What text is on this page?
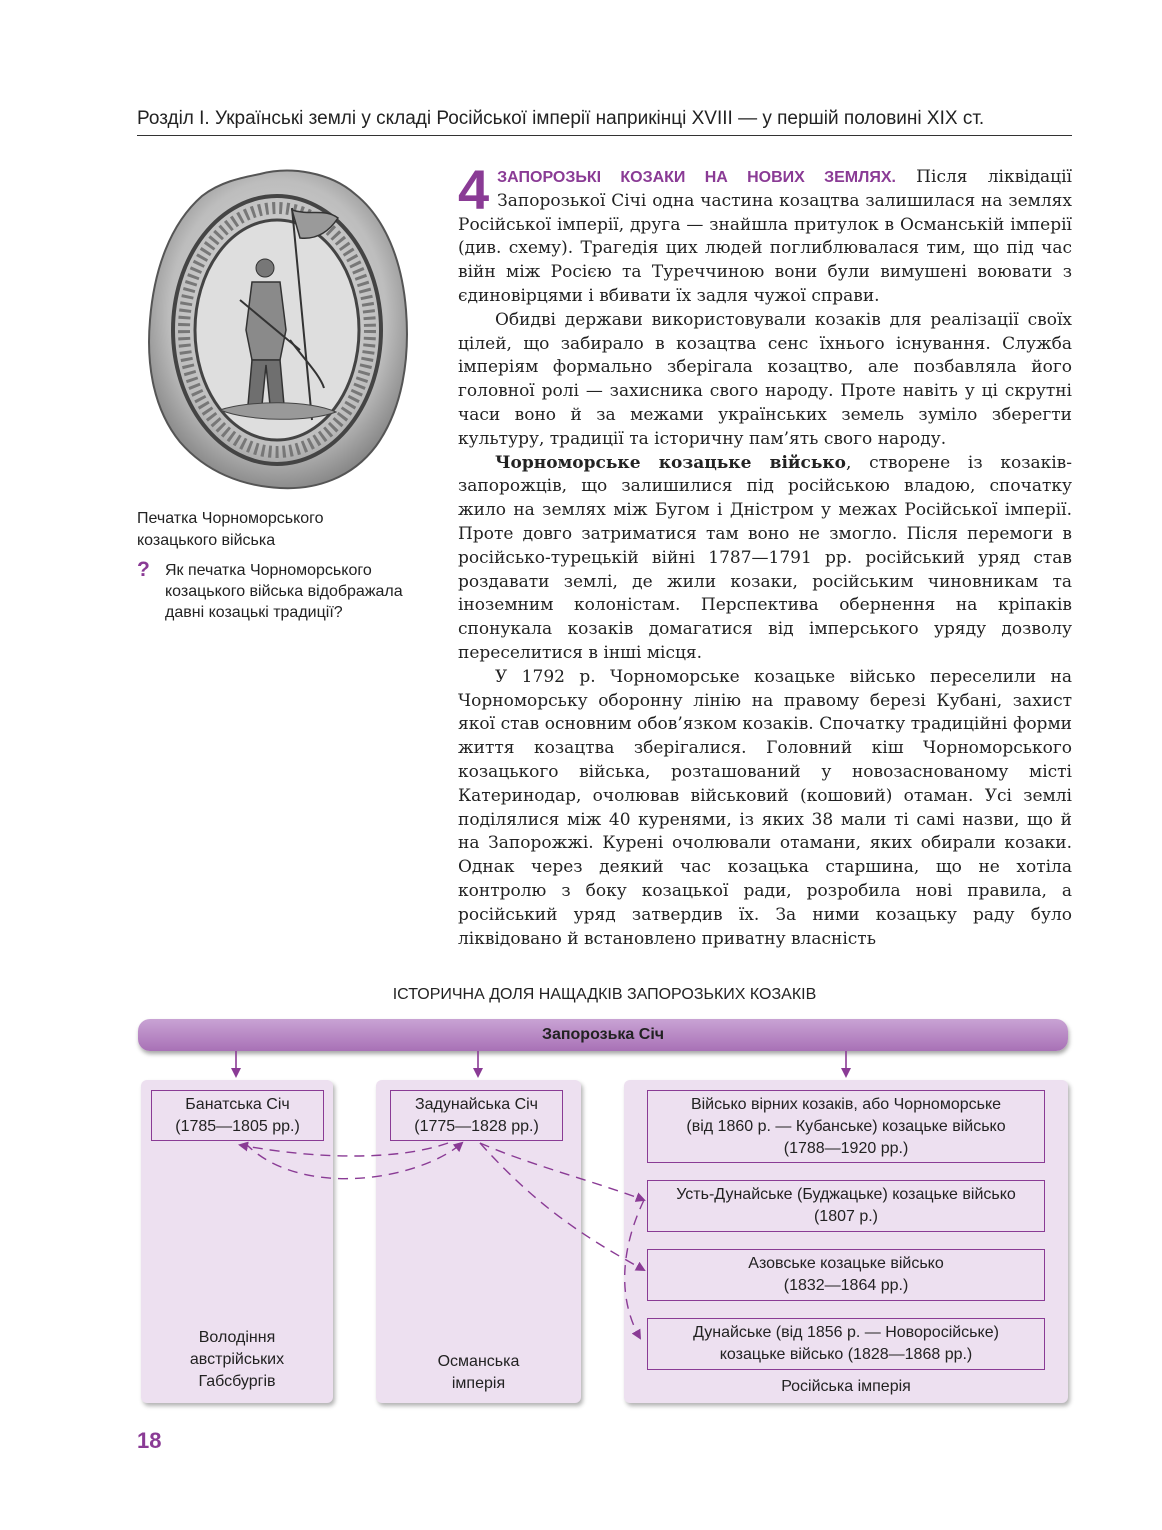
Розділ І. Українські землі у складі Російської імперії наприкінці XVIII — у першій половині XIX ст.
Печатка Чорноморського
козацького війська
? Як печатка Чорноморського
козацького війська відображала
давні козацькі традиції?

4 ЗАПОРОЗЬКІ КОЗАКИ НА НОВИХ ЗЕМЛЯХ. Після ліквідації Запорозької Січі одна частина козацтва залишилася на землях Російської імперії, друга — знайшла притулок в Османській імперії (див. схему). Трагедія цих людей поглиблювалася тим, що під час війн між Росією та Туреччиною вони були вимушені воювати з єдиновірцями і вбивати їх задля чужої справи.

Обидві держави використовували козаків для реалізації своїх цілей, що забирало в козацтва сенс їхнього існування. Служба імперіям формально зберігала козацтво, але позбавляла його головної ролі — захисника свого народу. Проте навіть у ці скрутні часи воно й за межами українських земель зуміло зберегти культуру, традиції та історичну пам’ять свого народу.

Чорноморське козацьке військо, створене із козаків-запорожців, що залишилися під російською владою, спочатку жило на землях між Бугом і Дністром у межах Російської імперії. Проте довго затриматися там воно не змогло. Після перемоги в російсько-турецькій війні 1787—1791 рр. російський уряд став роздавати землі, де жили козаки, російським чиновникам та іноземним колоністам. Перспектива обернення на кріпаків спонукала козаків домагатися від імперського уряду дозволу переселитися в інші місця.

У 1792 р. Чорноморське козацьке військо переселили на Чорноморську оборонну лінію на правому березі Кубані, захист якої став основним обов’язком козаків. Спочатку традиційні форми життя козацтва зберігалися. Головний кіш Чорноморського козацького війська, розташований у новозаснованому місті Катеринодар, очолював військовий (кошовий) отаман. Усі землі поділялися між 40 куренями, із яких 38 мали ті самі назви, що й на Запорожжі. Курені очолювали отамани, яких обирали козаки. Однак через деякий час козацька старшина, що не хотіла контролю з боку козацької ради, розробила нові правила, а російський уряд затвердив їх. За ними козацьку раду було ліквідовано й встановлено приватну власність

ІСТОРИЧНА ДОЛЯ НАЩАДКІВ ЗАПОРОЗЬКИХ КОЗАКІВ
Запорозька Січ
Володіння
австрійських
Габсбургів
Османська
імперія	Російська імперія
Банатська Січ
(1785—1805 рр.)
Задунайська Січ
(1775—1828 рр.)
Військо вірних козаків, або Чорноморське
(від 1860 р. — Кубанське) козацьке військо
(1788—1920 рр.)
Усть-Дунайське (Буджацьке) козацьке військо
(1807 р.)
Азовське козацьке військо
(1832—1864 рр.)
Дунайське (від 1856 р. — Новоросійське)
козацьке військо (1828—1868 рр.)
18
